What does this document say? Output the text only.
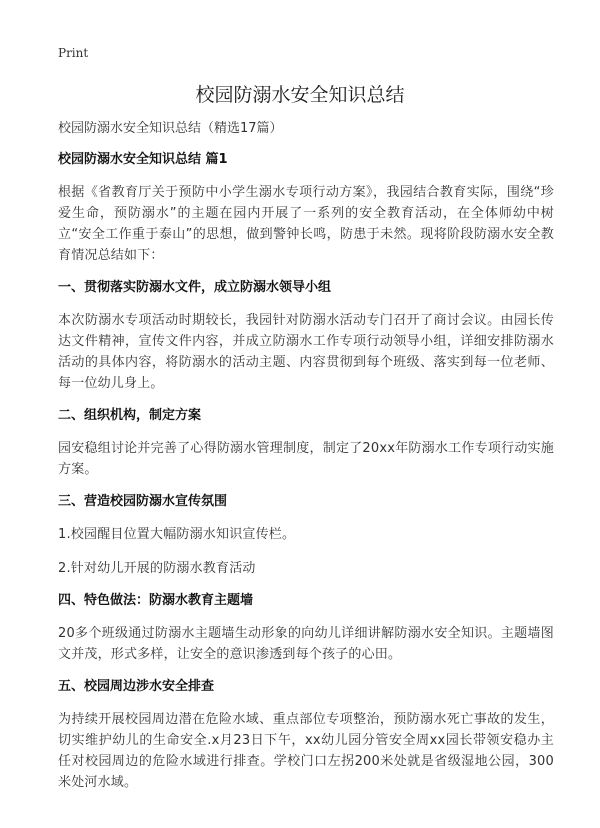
Print
校园防溺水安全知识总结

校园防溺水安全知识总结（精选17篇）

校园防溺水安全知识总结 篇1

根据《省教育厅关于预防中小学生溺水专项行动方案》，我园结合教育实际，围绕“珍爱生命，预防溺水”的主题在园内开展了一系列的安全教育活动，在全体师幼中树立“安全工作重于泰山”的思想，做到警钟长鸣，防患于未然。现将阶段防溺水安全教育情况总结如下：

一、贯彻落实防溺水文件，成立防溺水领导小组

本次防溺水专项活动时期较长，我园针对防溺水活动专门召开了商讨会议。由园长传达文件精神，宣传文件内容，并成立防溺水工作专项行动领导小组，详细安排防溺水活动的具体内容，将防溺水的活动主题、内容贯彻到每个班级、落实到每一位老师、每一位幼儿身上。

二、组织机构，制定方案

园安稳组讨论并完善了心得防溺水管理制度，制定了20xx年防溺水工作专项行动实施方案。

三、营造校园防溺水宣传氛围

1.校园醒目位置大幅防溺水知识宣传栏。

2.针对幼儿开展的防溺水教育活动

四、特色做法：防溺水教育主题墙

20多个班级通过防溺水主题墙生动形象的向幼儿详细讲解防溺水安全知识。主题墙图文并茂，形式多样，让安全的意识渗透到每个孩子的心田。

五、校园周边涉水安全排查

为持续开展校园周边潜在危险水域、重点部位专项整治，预防溺水死亡事故的发生，切实维护幼儿的生命安全.x月23日下午，xx幼儿园分管安全周xx园长带领安稳办主任对校园周边的危险水域进行排查。学校门口左拐200米处就是省级湿地公园，300米处河水域。
